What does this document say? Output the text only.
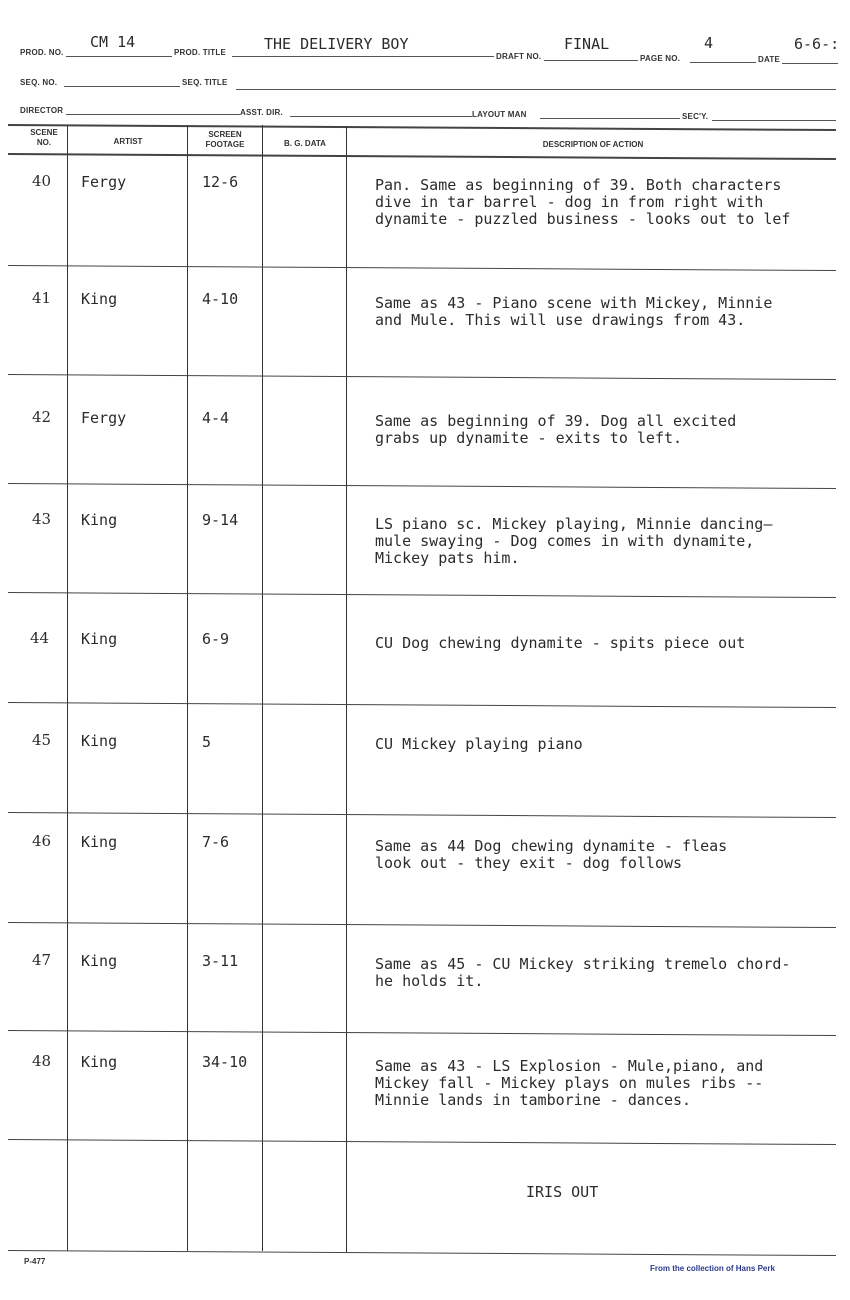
PROD. NO.
CM 14
PROD. TITLE	THE DELIVERY BOY
DRAFT NO.
FINAL
PAGE NO.
4
DATE
6-6-:
SEQ. NO.	SEQ. TITLE
DIRECTOR	ASST. DIR.	LAYOUT MAN	SEC'Y.
SCENE
NO.	ARTIST
SCREEN
FOOTAGE	B. G. DATA	DESCRIPTION OF ACTION
40 Fergy	12-6	Pan. Same as beginning of 39. Both characters
dive in tar barrel - dog in from right with
dynamite - puzzled business - looks out to lef
41 King	4-10	Same as 43 - Piano scene with Mickey, Minnie
and Mule. This will use drawings from 43.
42 Fergy	4-4	Same as beginning of 39. Dog all excited
grabs up dynamite - exits to left.
43 King	9-14	LS piano sc. Mickey playing, Minnie dancing—
mule swaying - Dog comes in with dynamite,
Mickey pats him.
44 King	6-9	CU Dog chewing dynamite - spits piece out
45 King	5	CU Mickey playing piano
46 King	7-6	Same as 44 Dog chewing dynamite - fleas
look out - they exit - dog follows
47 King	3-11	Same as 45 - CU Mickey striking tremelo chord-
he holds it.
48 King	34-10	Same as 43 - LS Explosion - Mule,piano, and
Mickey fall - Mickey plays on mules ribs --
Minnie lands in tamborine - dances.
IRIS OUT
P-477
From the collection of Hans Perk
